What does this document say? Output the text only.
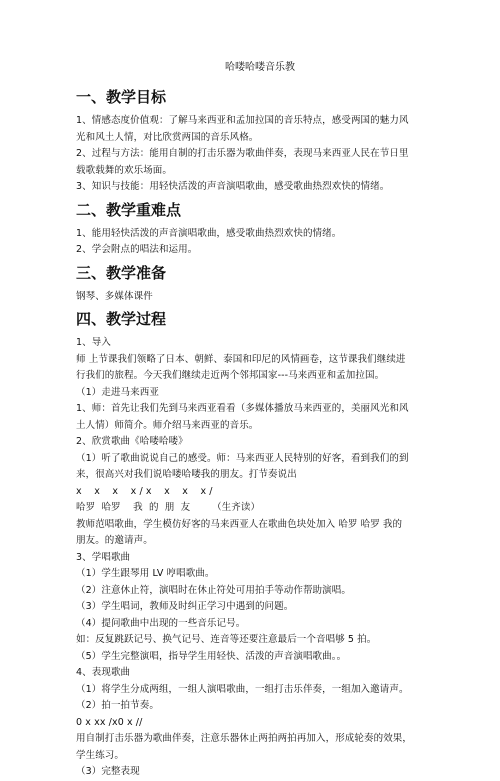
哈喽哈喽音乐教
一、教学目标
1、情感态度价值观：了解马来西亚和孟加拉国的音乐特点，感受两国的魅力风
光和风土人情，对比欣赏两国的音乐风格。
2、过程与方法：能用自制的打击乐器为歌曲伴奏，表现马来西亚人民在节日里
载歌载舞的欢乐场面。
3、知识与技能：用轻快活泼的声音演唱歌曲，感受歌曲热烈欢快的情绪。
二、教学重难点
1、能用轻快活泼的声音演唱歌曲，感受歌曲热烈欢快的情绪。
2、学会附点的唱法和运用。
三、教学准备
钢琴、多媒体课件
四、教学过程
1、导入
师 上节课我们领略了日本、朝鲜、泰国和印尼的风情画卷，这节课我们继续进
行我们的旅程。今天我们继续走近两个邻邦国家---马来西亚和孟加拉国。
（1）走进马来西亚
1、师：首先让我们先到马来西亚看看（多媒体播放马来西亚的，美丽风光和风
土人情）师简介。师介绍马来西亚的音乐。
2、欣赏歌曲《哈喽哈喽》
（1）听了歌曲说说自己的感受。师：马来西亚人民特别的好客，看到我们的到
来，很高兴对我们说哈喽哈喽我的朋友。打节奏说出
x    x    x    x / x    x    x    x /
哈罗  哈罗    我  的  朋  友       （生齐读）
教师范唱歌曲，学生模仿好客的马来西亚人在歌曲色块处加入 哈罗 哈罗 我的
朋友。的邀请声。
3、学唱歌曲
（1）学生跟琴用 LV 哼唱歌曲。
（2）注意休止符，演唱时在休止符处可用拍手等动作帮助演唱。
（3）学生唱词，教师及时纠正学习中遇到的问题。
（4）提问歌曲中出现的一些音乐记号。
如：反复跳跃记号、换气记号、连音等还要注意最后一个音唱够 5 拍。
（5）学生完整演唱，指导学生用轻快、活泼的声音演唱歌曲。。
4、表现歌曲
（1）将学生分成两组，一组人演唱歌曲，一组打击乐伴奏，一组加入邀请声。
（2）拍一拍节奏。
0 x xx /x0 x //
用自制打击乐器为歌曲伴奏，注意乐器休止两拍两拍再加入，形成轮奏的效果，
学生练习。
（3）完整表现
